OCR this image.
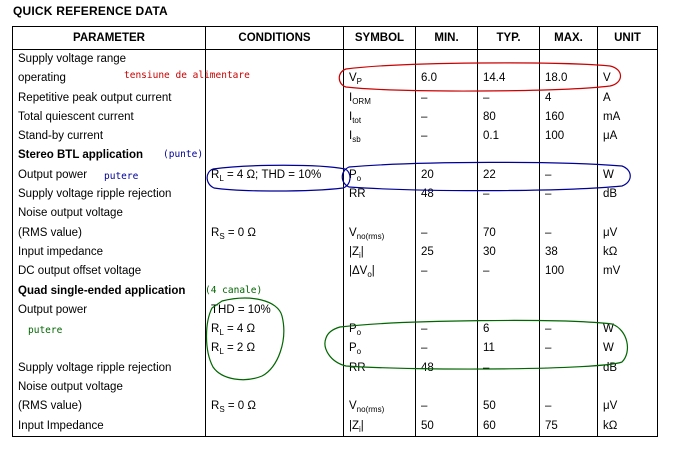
QUICK REFERENCE DATA
PARAMETER	CONDITIONS	SYMBOL	MIN.	TYP.	MAX.	UNIT
Supply voltage range						
operating		$V_P$	6.0	14.4	18.0	V
Repetitive peak output current		$I_{ORM}$	–	–	4	A
Total quiescent current		$I_{tot}$	–	80	160	mA
Stand-by current		$I_{sb}$	–	0.1	100	μA
Stereo BTL application						
Output power	$R_L = 4$ Ω; THD = 10%	$P_o$	20	22	–	W
Supply voltage ripple rejection		RR	48	–	–	dB
Noise output voltage						
(RMS value)	$R_S = 0$ Ω	$V_{no(rms)}$	–	70	–	μV
Input impedance		$|Z_i|$	25	30	38	kΩ
DC output offset voltage		$|\Delta V_o|$	–	–	100	mV
Quad single-ended application						
Output power	THD = 10%					
	$R_L = 4$ Ω	$P_o$	–	6	–	W
	$R_L = 2$ Ω	$P_o$	–	11	–	W
Supply voltage ripple rejection		RR	48	–	–	dB
Noise output voltage						
(RMS value)	$R_S = 0$ Ω	$V_{no(rms)}$	–	50	–	μV
Input Impedance		$|Z_i|$	50	60	75	kΩ
tensiune de alimentare
(punte)
putere
(4 canale)
putere
